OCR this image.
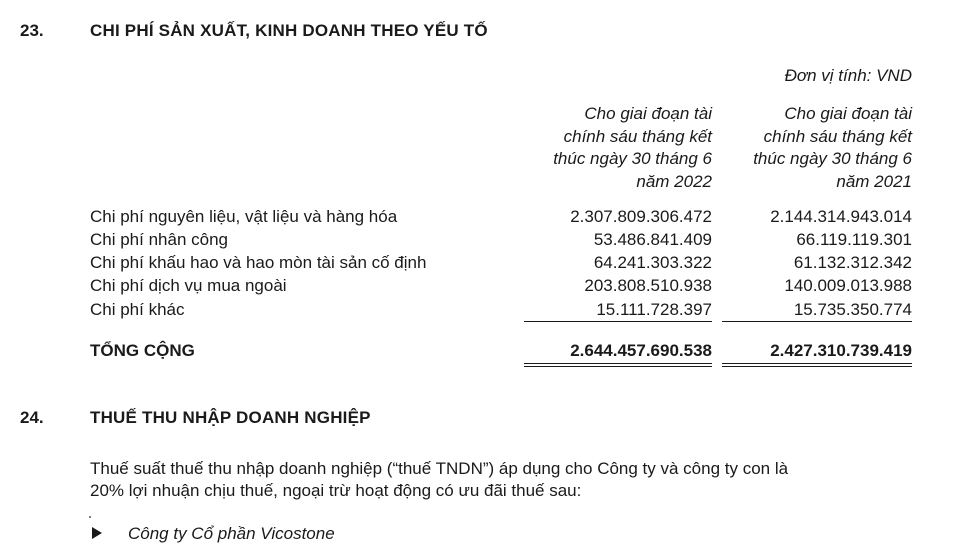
23.	CHI PHÍ SẢN XUẤT, KINH DOANH THEO YẾU TỐ
Đơn vị tính: VND
Cho giai đoạn tài
chính sáu tháng kết
thúc ngày 30 tháng 6
năm 2022
Cho giai đoạn tài
chính sáu tháng kết
thúc ngày 30 tháng 6
năm 2021
Chi phí nguyên liệu, vật liệu và hàng hóa	2.307.809.306.472	2.144.314.943.014
Chi phí nhân công	53.486.841.409	66.119.119.301
Chi phí khấu hao và hao mòn tài sản cố định	64.241.303.322	61.132.312.342
Chi phí dịch vụ mua ngoài	203.808.510.938	140.009.013.988
Chi phí khác	15.111.728.397	15.735.350.774
TỔNG CỘNG	2.644.457.690.538	2.427.310.739.419
24.	THUẾ THU NHẬP DOANH NGHIỆP
Thuế suất thuế thu nhập doanh nghiệp (“thuế TNDN”) áp dụng cho Công ty và công ty con là
20% lợi nhuận chịu thuế, ngoại trừ hoạt động có ưu đãi thuế sau:
Công ty Cổ phần Vicostone
